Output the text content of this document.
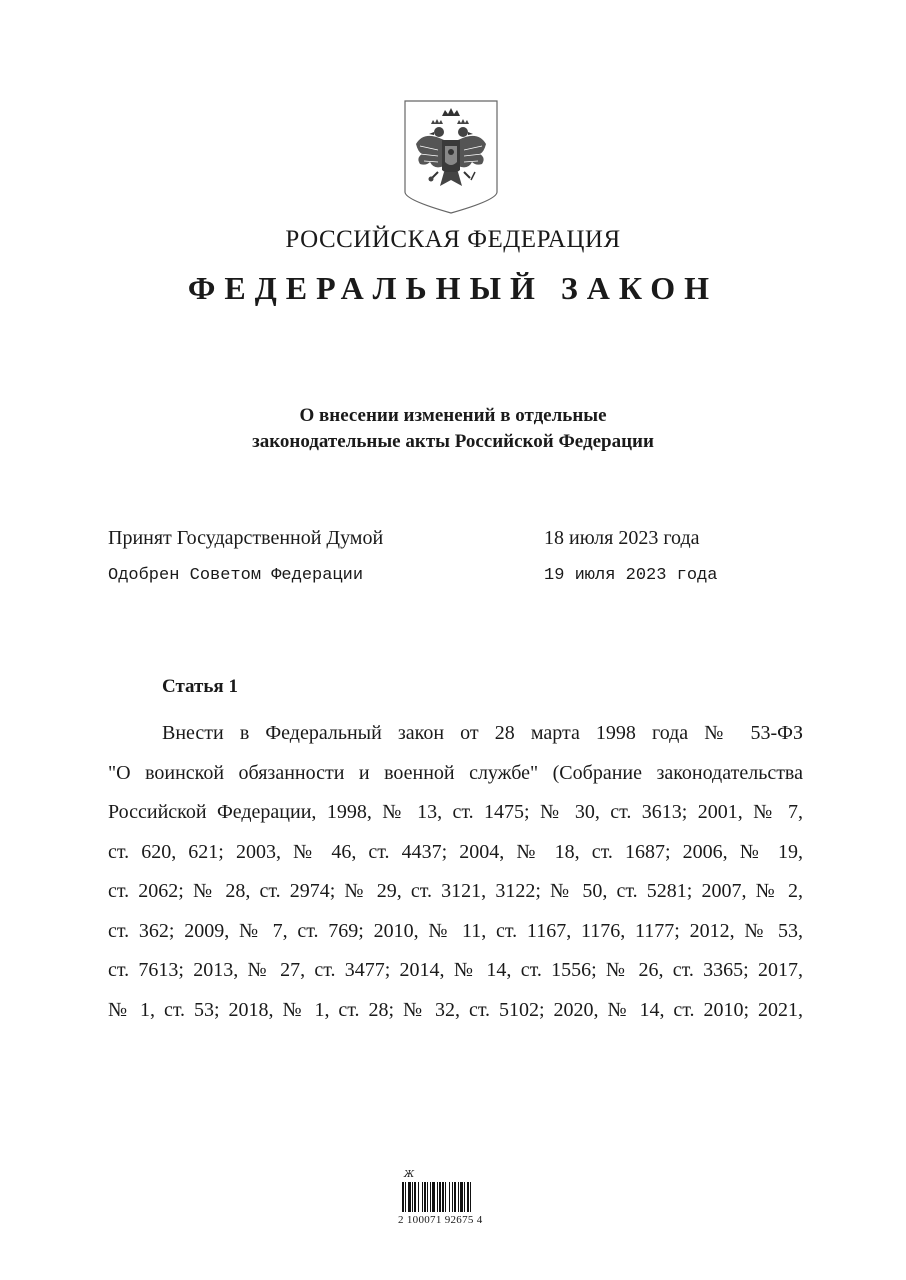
РОССИЙСКАЯ ФЕДЕРАЦИЯ
ФЕДЕРАЛЬНЫЙ ЗАКОН
О внесении изменений в отдельные
законодательные акты Российской Федерации
Принят Государственной Думой	18 июля 2023 года
Одобрен Советом Федерации	19 июля 2023 года
Статья 1
Внести в Федеральный закон от 28 марта 1998 года № 53-ФЗ
"О воинской обязанности и военной службе" (Собрание законодательства
Российской Федерации, 1998, № 13, ст. 1475; № 30, ст. 3613; 2001, № 7,
ст. 620, 621; 2003, № 46, ст. 4437; 2004, № 18, ст. 1687; 2006, № 19,
ст. 2062; № 28, ст. 2974; № 29, ст. 3121, 3122; № 50, ст. 5281; 2007, № 2,
ст. 362; 2009, № 7, ст. 769; 2010, № 11, ст. 1167, 1176, 1177; 2012, № 53,
ст. 7613; 2013, № 27, ст. 3477; 2014, № 14, ст. 1556; № 26, ст. 3365; 2017,
№ 1, ст. 53; 2018, № 1, ст. 28; № 32, ст. 5102; 2020, № 14, ст. 2010; 2021,
Ж
2 100071 92675 4
